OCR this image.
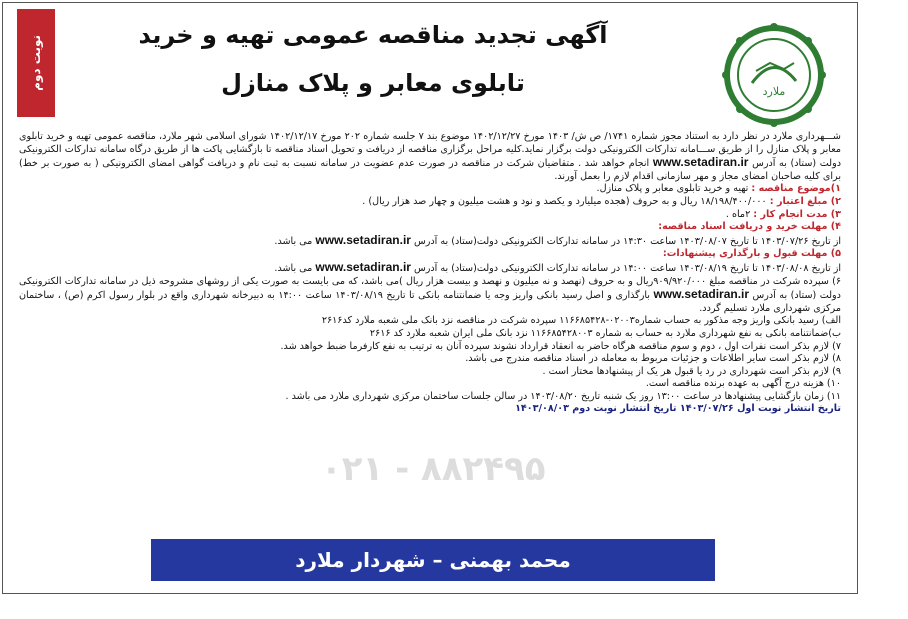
نوبت دوم
آگهی تجدید مناقصه عمومی تهیه و خرید
تابلوی معابر و پلاک منازل	ملارد

شـــهرداری ملارد در نظر دارد به استناد مجوز شماره ۱۷۴۱/ ص ش/ ۱۴۰۳ مورخ ۱۴۰۲/۱۲/۲۷ موضوع بند ۷ جلسه شماره ۲۰۲ مورخ ۱۴۰۲/۱۲/۱۷ شورای اسلامی شهر ملارد، مناقصه عمومی تهیه و خرید تابلوی معابر و پلاک منازل را از طریق ســـامانه تدارکات الکترونیکی دولت برگزار نماید.کلیه مراحل برگزاری مناقصه از دریافت و تحویل اسناد مناقصه تا بازگشایی پاکت ها از طریق درگاه سامانه تدارکات الکترونیکی دولت (ستاد) به آدرس www.setadiran.ir انجام خواهد شد . متقاضیان شرکت در مناقصه در صورت عدم عضویت در سامانه نسبت به ثبت نام و دریافت گواهی امضای الکترونیکی ( به صورت بر خط) برای کلیه صاحبان امضای مجاز و مهر سازمانی اقدام لازم را بعمل آورند.

۱)موضوع مناقصه : تهیه و خرید تابلوی معابر و پلاک منازل.

۲) مبلغ اعتبار : ۱۸/۱۹۸/۴۰۰/۰۰۰ ریال و به حروف (هجده میلیارد و یکصد و نود و هشت میلیون و چهار صد هزار ریال) .

۳) مدت انجام کار : ۲ماه .

۴) مهلت خرید و دریافت اسناد مناقصه:

از تاریخ ۱۴۰۳/۰۷/۲۶ تا تاریخ ۱۴۰۳/۰۸/۰۷ ساعت ۱۴:۳۰ در سامانه تدارکات الکترونیکی دولت(ستاد) به آدرس www.setadiran.ir می باشد.

۵) مهلت قبول و بارگذاری پیشنهادات:

از تاریخ ۱۴۰۳/۰۸/۰۸ تا تاریخ ۱۴۰۳/۰۸/۱۹ ساعت ۱۴:۰۰ در سامانه تدارکات الکترونیکی دولت(ستاد) به آدرس www.setadiran.ir می باشد.

۶) سپرده شرکت در مناقصه مبلغ ۹۰۹/۹۲۰/۰۰۰ریال و به حروف (نهصد و نه میلیون و نهصد و بیست هزار ریال )می باشد، که می بایست به صورت یکی از روشهای مشروحه ذیل در سامانه تدارکات الکترونیکی دولت (ستاد) به آدرس www.setadiran.ir بارگذاری و اصل رسید بانکی واریز وجه یا ضمانتنامه بانکی تا تاریخ ۱۴۰۳/۰۸/۱۹ ساعت ۱۴:۰۰ به دبیرخانه شهرداری واقع در بلوار رسول اکرم (ص) ، ساختمان مرکزی شهرداری ملارد تسلیم گردد.

الف) رسید بانکی واریز وجه مذکور به حساب شماره۰۲۰۰۳-۱۱۶۶۸۵۴۲۸ سپرده شرکت در مناقصه نزد بانک ملی شعبه ملارد کد۲۶۱۶

ب)ضمانتنامه بانکی به نفع شهرداری ملارد به حساب به شماره ۱۱۶۶۸۵۴۲۸۰۰۳ نزد بانک ملی ایران شعبه ملارد کد ۲۶۱۶

۷) لازم بذکر است نفرات اول ، دوم و سوم مناقصه هرگاه حاضر به انعقاد قرارداد نشوند سپرده آنان به ترتیب به نفع کارفرما ضبط خواهد شد.

۸) لازم بذکر است سایر اطلاعات و جزئیات مربوط به معامله در اسناد مناقصه مندرج می باشد.

۹) لازم بذکر است شهرداری در رد یا قبول هر یک از پیشنهادها مختار است .

۱۰) هزینه درج آگهی به عهده برنده مناقصه است.

۱۱) زمان بازگشایی پیشنهادها در ساعت ۱۳:۰۰ روز یک شنبه تاریخ ۱۴۰۳/۰۸/۲۰ در سالن جلسات ساختمان مرکزی شهرداری ملارد می باشد .

تاریخ انتشار نوبت اول ۱۴۰۳/۰۷/۲۶ تاریخ انتشار نوبت دوم ۱۴۰۳/۰۸/۰۳

۰۲۱ - ۸۸۲۴۹۵
محمد بهمنی – شهردار ملارد
